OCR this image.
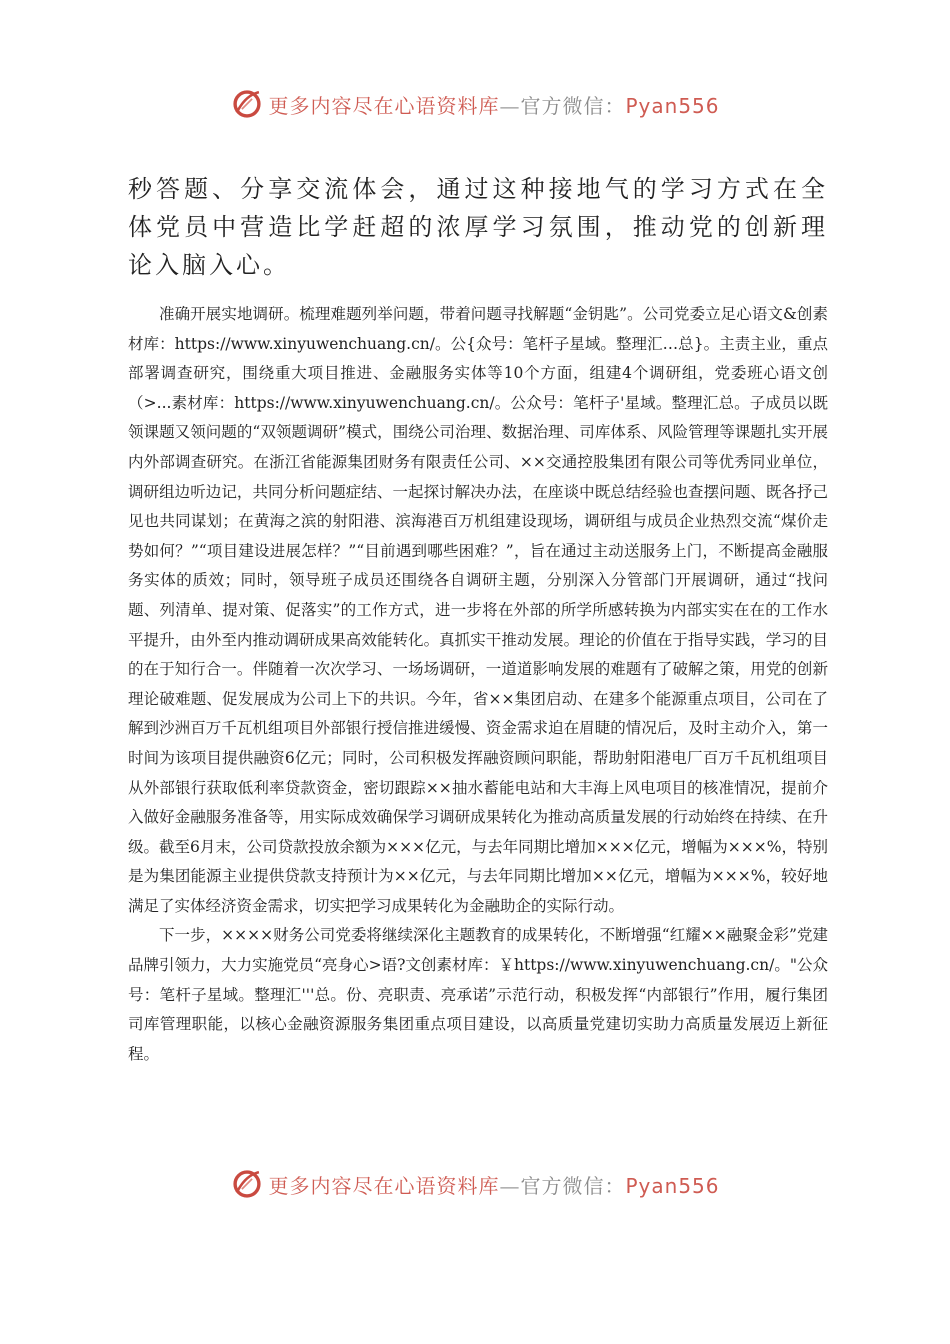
更多内容尽在心语资料库—官方微信：Pyan556

秒答题、分享交流体会，通过这种接地气的学习方式在全体党员中营造比学赶超的浓厚学习氛围，推动党的创新理论入脑入心。

准确开展实地调研。梳理难题列举问题，带着问题寻找解题“金钥匙”。公司党委立足心语文&创素材库：https://www.xinyuwenchuang.cn/。公{众号：笔杆子星域。整理汇…总}。主责主业，重点部署调查研究，围绕重大项目推进、金融服务实体等10个方面，组建4个调研组，党委班心语文创（>...素材库：https://www.xinyuwenchuang.cn/。公众号：笔杆子'星域。整理汇总。子成员以既领课题又领问题的“双领题调研”模式，围绕公司治理、数据治理、司库体系、风险管理等课题扎实开展内外部调查研究。在浙江省能源集团财务有限责任公司、××交通控股集团有限公司等优秀同业单位，调研组边听边记，共同分析问题症结、一起探讨解决办法，在座谈中既总结经验也查摆问题、既各抒己见也共同谋划；在黄海之滨的射阳港、滨海港百万机组建设现场，调研组与成员企业热烈交流“煤价走势如何？”“项目建设进展怎样？”“目前遇到哪些困难？”，旨在通过主动送服务上门，不断提高金融服务实体的质效；同时，领导班子成员还围绕各自调研主题，分别深入分管部门开展调研，通过“找问题、列清单、提对策、促落实”的工作方式，进一步将在外部的所学所感转换为内部实实在在的工作水平提升，由外至内推动调研成果高效能转化。真抓实干推动发展。理论的价值在于指导实践，学习的目的在于知行合一。伴随着一次次学习、一场场调研，一道道影响发展的难题有了破解之策，用党的创新理论破难题、促发展成为公司上下的共识。今年，省××集团启动、在建多个能源重点项目，公司在了解到沙洲百万千瓦机组项目外部银行授信推进缓慢、资金需求迫在眉睫的情况后，及时主动介入，第一时间为该项目提供融资6亿元；同时，公司积极发挥融资顾问职能，帮助射阳港电厂百万千瓦机组项目从外部银行获取低利率贷款资金，密切跟踪××抽水蓄能电站和大丰海上风电项目的核准情况，提前介入做好金融服务准备等，用实际成效确保学习调研成果转化为推动高质量发展的行动始终在持续、在升级。截至6月末，公司贷款投放余额为×××亿元，与去年同期比增加×××亿元，增幅为×××%，特别是为集团能源主业提供贷款支持预计为××亿元，与去年同期比增加××亿元，增幅为×××%，较好地满足了实体经济资金需求，切实把学习成果转化为金融助企的实际行动。

下一步，××××财务公司党委将继续深化主题教育的成果转化，不断增强“红耀××融聚金彩”党建品牌引领力，大力实施党员“亮身心>语?文创素材库：￥https://www.xinyuwenchuang.cn/。"公众号：笔杆子星域。整理汇'''总。份、亮职责、亮承诺”示范行动，积极发挥“内部银行”作用，履行集团司库管理职能，以核心金融资源服务集团重点项目建设，以高质量党建切实助力高质量发展迈上新征程。

更多内容尽在心语资料库—官方微信：Pyan556
